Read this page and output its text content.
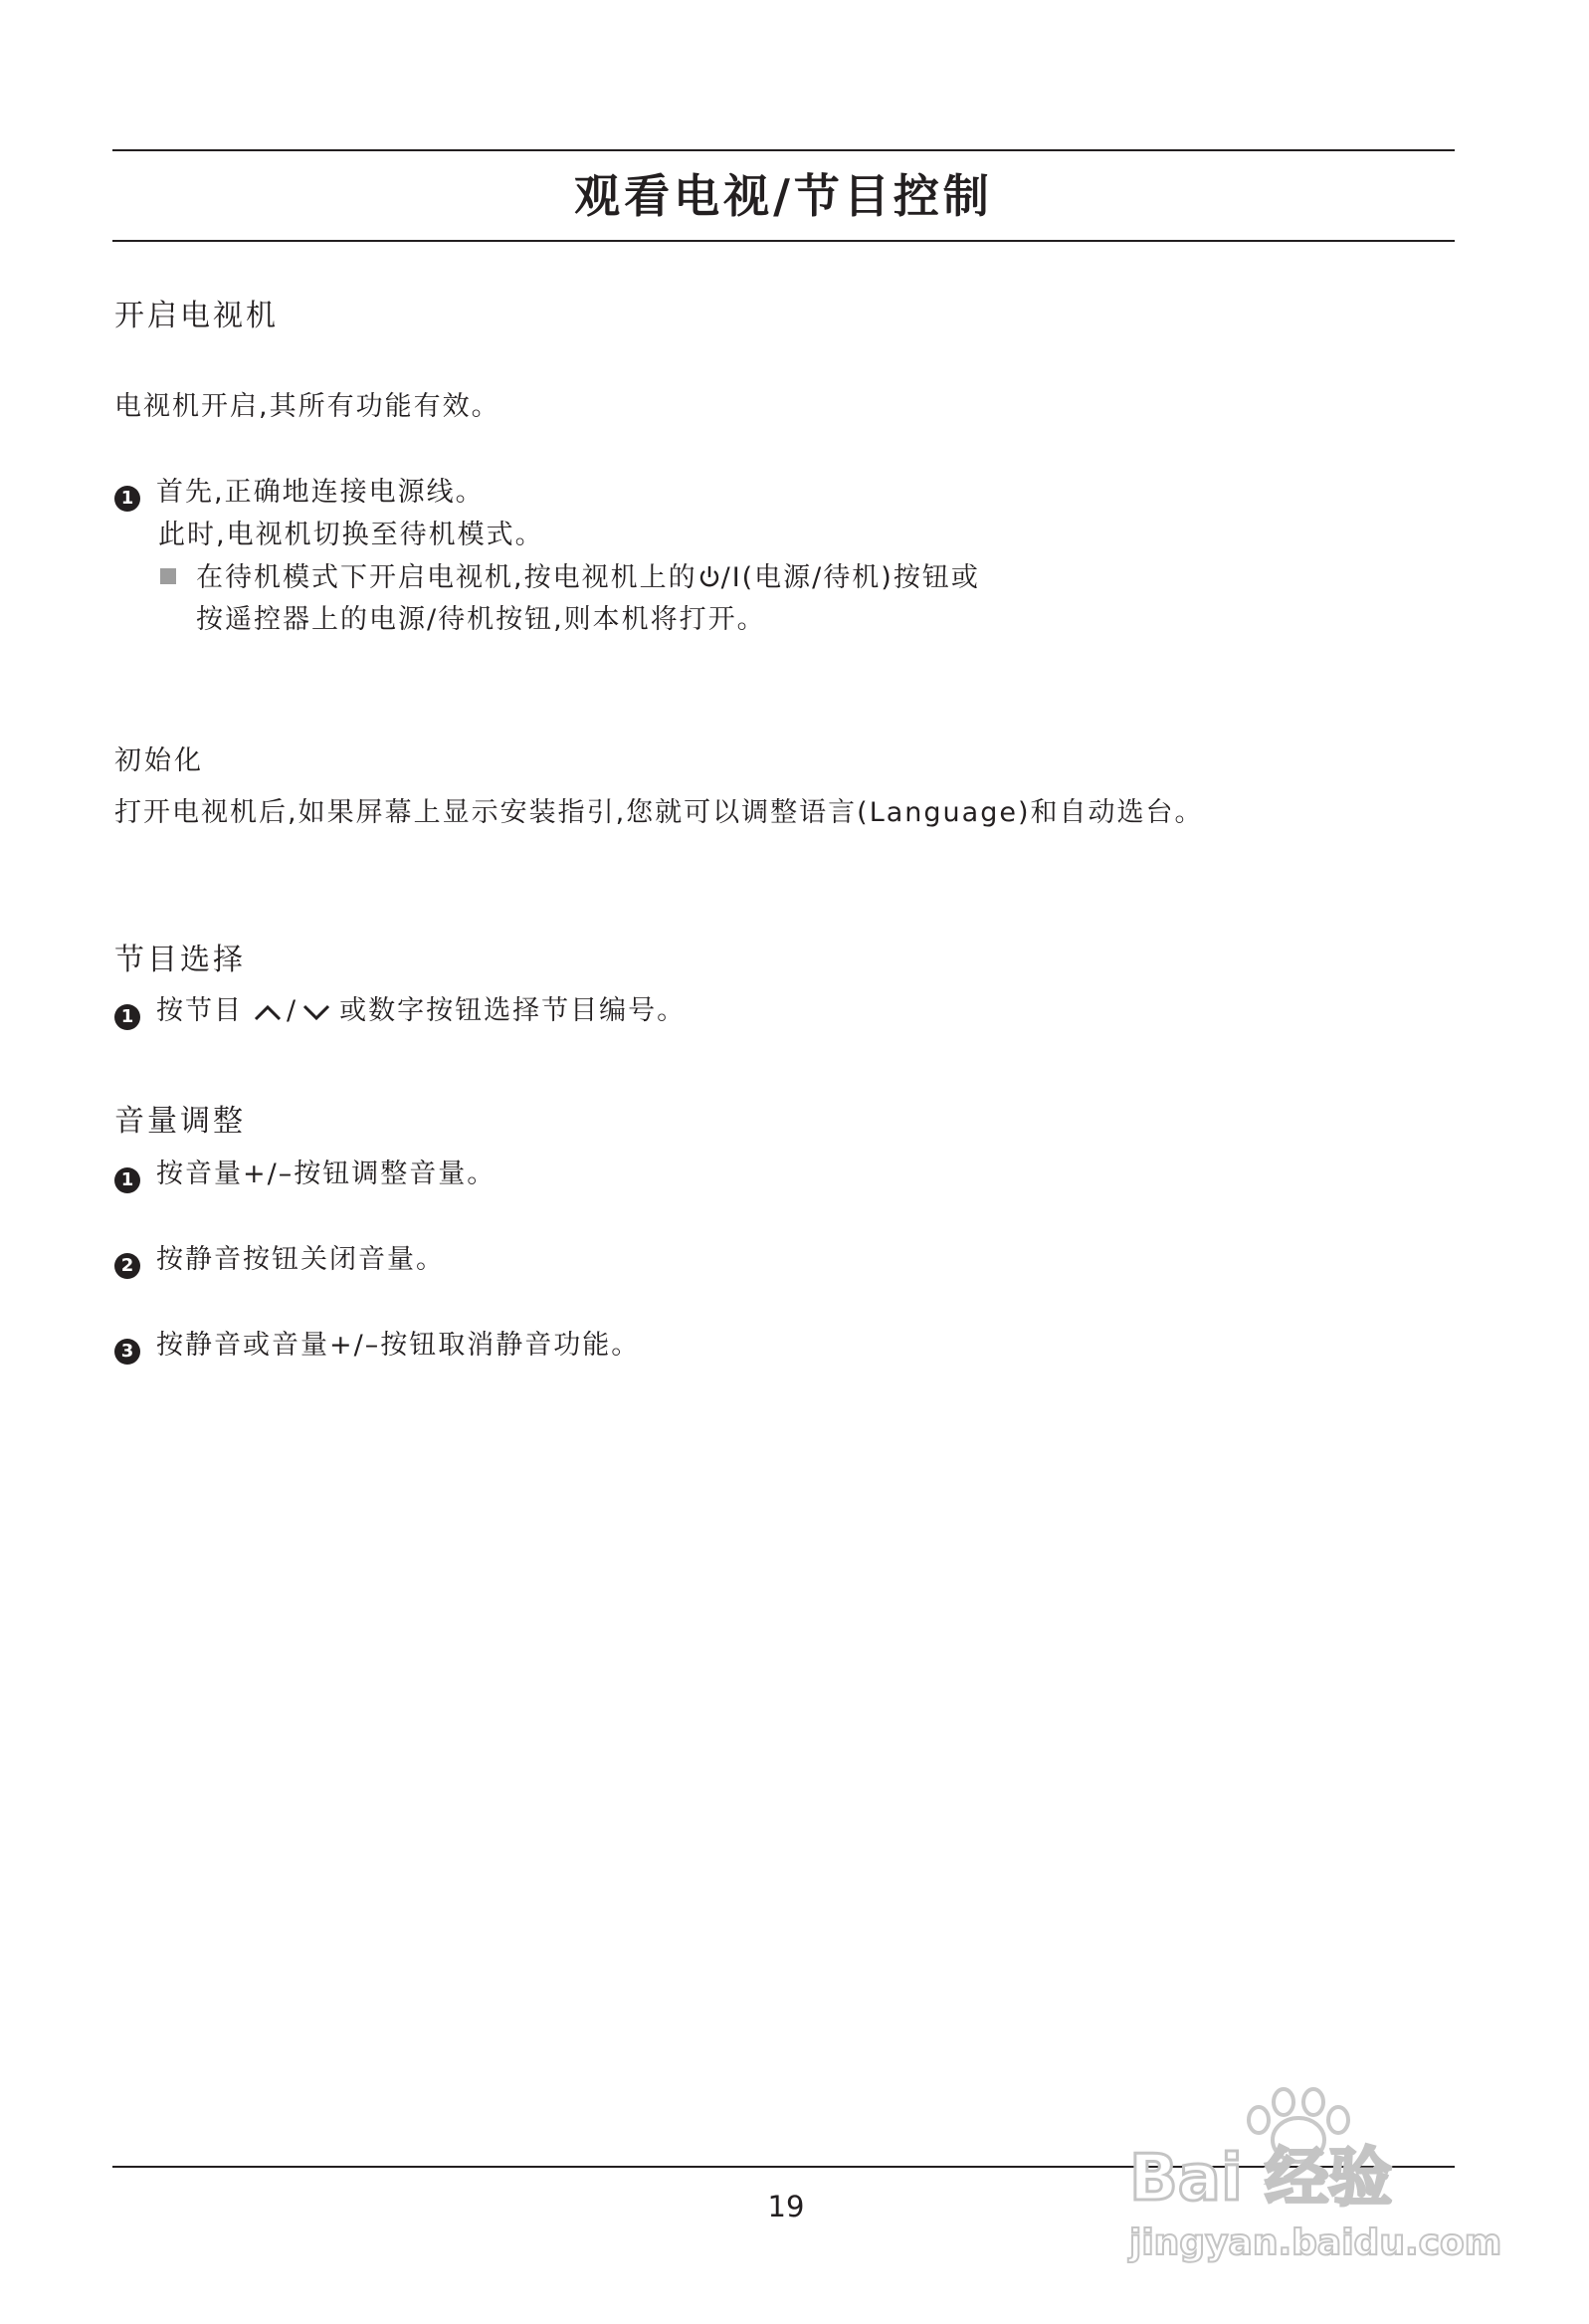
观看电视/节目控制
开启电视机
电视机开启,其所有功能有效。
1 首先,正确地连接电源线。
此时,电视机切换至待机模式。
在待机模式下开启电视机,按电视机上的 /I(电源/待机)按钮或
按遥控器上的电源/待机按钮,则本机将打开。
初始化
打开电视机后,如果屏幕上显示安装指引,您就可以调整语言(Language)和自动选台。
节目选择
1 按节目 / 或数字按钮选择节目编号。
音量调整
1 按音量+/–按钮调整音量。
2 按静音按钮关闭音量。
3 按静音或音量+/–按钮取消静音功能。
19	Bai 经验
jingyan.baidu.com
